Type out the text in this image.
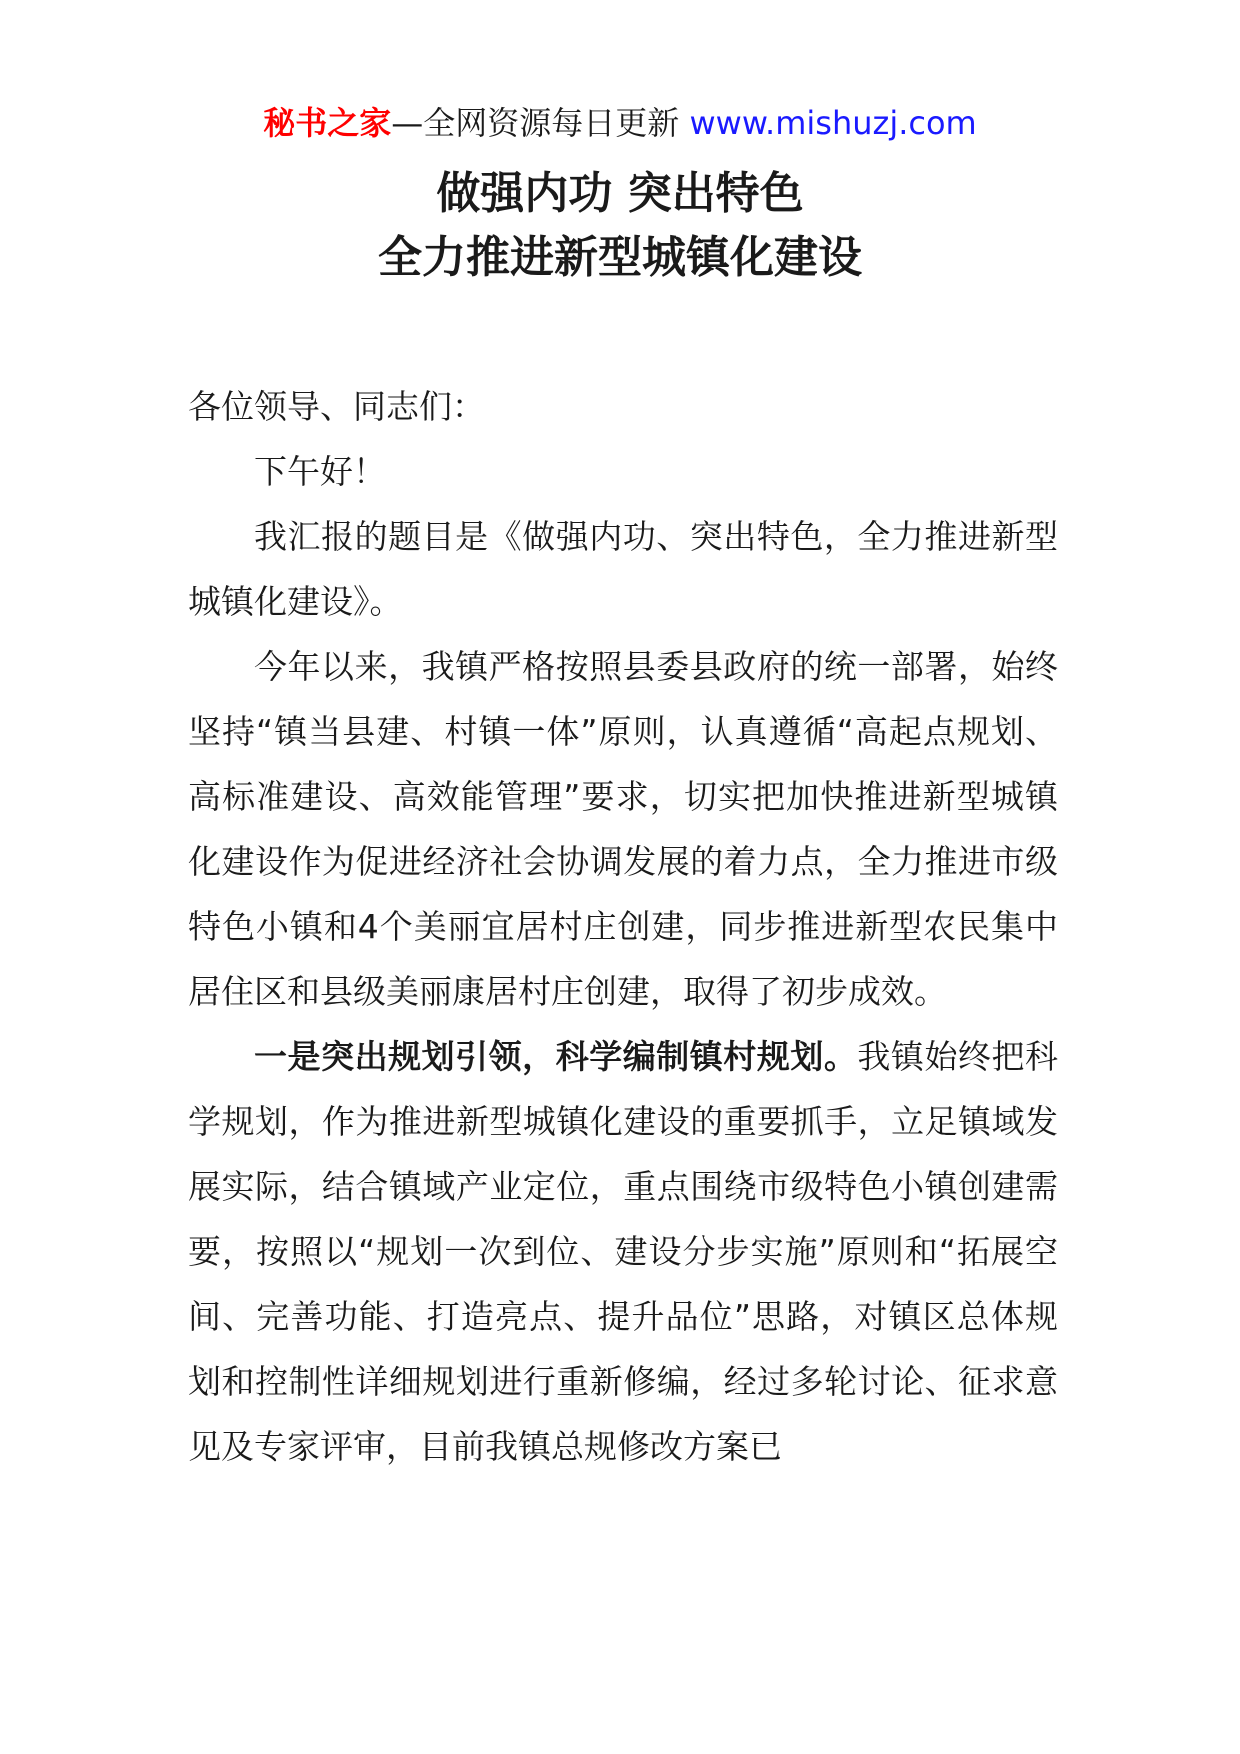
秘书之家—全网资源每日更新 www.mishuzj.com
做强内功 突出特色
全力推进新型城镇化建设

各位领导、同志们：

下午好！

我汇报的题目是《做强内功、突出特色，全力推进新型城镇化建设》。

今年以来，我镇严格按照县委县政府的统一部署，始终坚持“镇当县建、村镇一体”原则，认真遵循“高起点规划、高标准建设、高效能管理”要求，切实把加快推进新型城镇化建设作为促进经济社会协调发展的着力点，全力推进市级特色小镇和4个美丽宜居村庄创建，同步推进新型农民集中居住区和县级美丽康居村庄创建，取得了初步成效。

一是突出规划引领，科学编制镇村规划。我镇始终把科学规划，作为推进新型城镇化建设的重要抓手，立足镇域发展实际，结合镇域产业定位，重点围绕市级特色小镇创建需要，按照以“规划一次到位、建设分步实施”原则和“拓展空间、完善功能、打造亮点、提升品位”思路，对镇区总体规划和控制性详细规划进行重新修编，经过多轮讨论、征求意见及专家评审，目前我镇总规修改方案已
